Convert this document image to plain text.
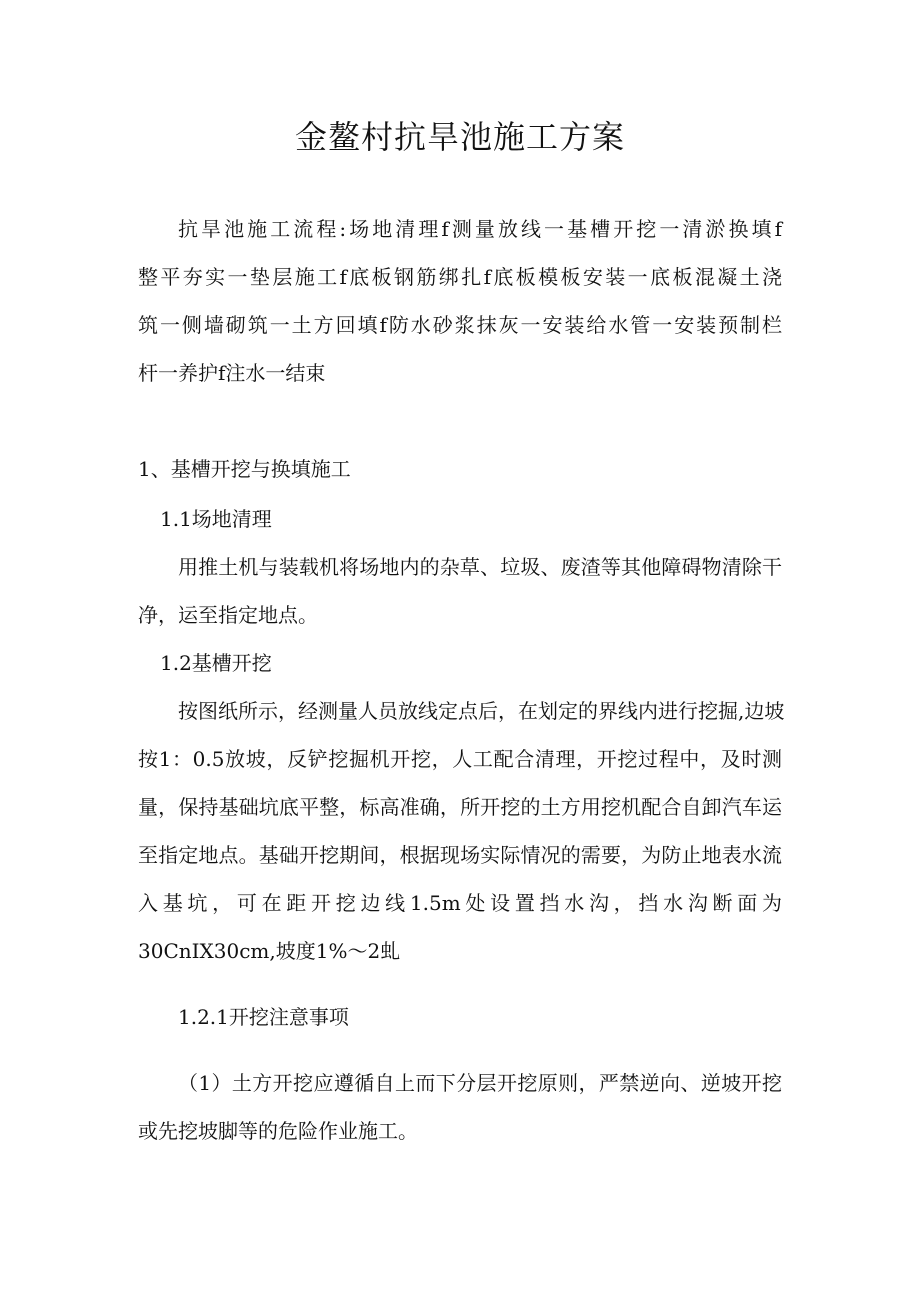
金鳌村抗旱池施工方案
抗旱池施工流程:场地清理f测量放线一基槽开挖一清淤换填f
整平夯实一垫层施工f底板钢筋绑扎f底板模板安装一底板混凝土浇
筑一侧墙砌筑一土方回填f防水砂浆抹灰一安装给水管一安装预制栏
杆一养护f注水一结束
1、基槽开挖与换填施工
1.1场地清理
用推土机与装载机将场地内的杂草、垃圾、废渣等其他障碍物清除干
净，运至指定地点。
1.2基槽开挖
按图纸所示，经测量人员放线定点后，在划定的界线内进行挖掘,边坡
按1：0.5放坡，反铲挖掘机开挖，人工配合清理，开挖过程中，及时测
量，保持基础坑底平整，标高准确，所开挖的土方用挖机配合自卸汽车运
至指定地点。基础开挖期间，根据现场实际情况的需要，为防止地表水流
入基坑，可在距开挖边线1.5m处设置挡水沟，挡水沟断面为
30CnIX30cm,坡度1%～2虬
1.2.1开挖注意事项
（1）土方开挖应遵循自上而下分层开挖原则，严禁逆向、逆坡开挖
或先挖坡脚等的危险作业施工。
